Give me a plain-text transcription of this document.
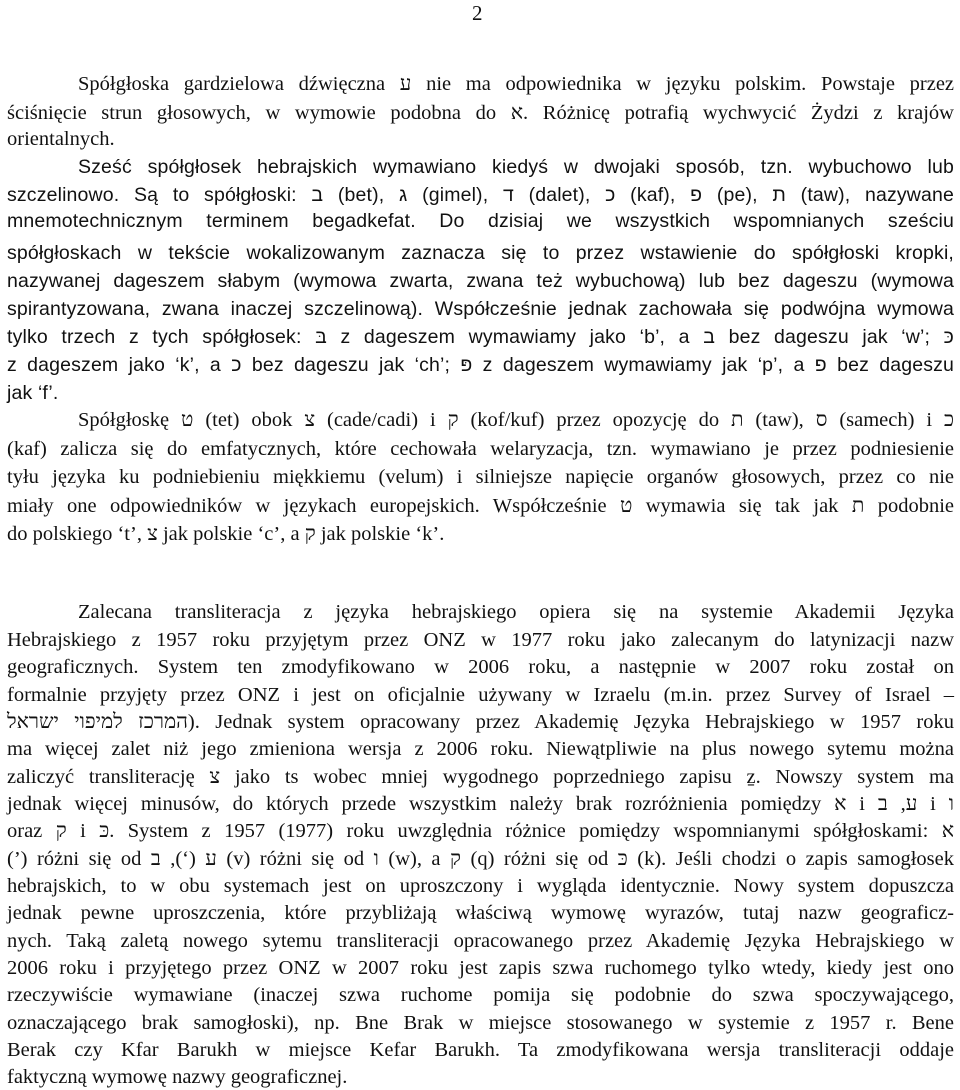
2
Spółgłoska gardzielowa dźwięczna ע nie ma odpowiednika w języku polskim. Powstaje przez
ściśnięcie strun głosowych, w wymowie podobna do א. Różnicę potrafią wychwycić Żydzi z krajów
orientalnych.
Sześć spółgłosek hebrajskich wymawiano kiedyś w dwojaki sposób, tzn. wybuchowo lub
szczelinowo. Są to spółgłoski: ב (bet), ג (gimel), ד (dalet), כ (kaf), פ (pe), ת (taw), nazywane
mnemotechnicznym terminem begadkefat. Do dzisiaj we wszystkich wspomnianych sześciu
spółgłoskach w tekście wokalizowanym zaznacza się to przez wstawienie do spółgłoski kropki,
nazywanej dageszem słabym (wymowa zwarta, zwana też wybuchową) lub bez dageszu (wymowa
spirantyzowana, zwana inaczej szczelinową). Współcześnie jednak zachowała się podwójna wymowa
tylko trzech z tych spółgłosek: בּ z dageszem wymawiamy jako ‘b’, a ב bez dageszu jak ‘w’; כּ
z dageszem jako ‘k’, a כ bez dageszu jak ‘ch’; פּ z dageszem wymawiamy jak ‘p’, a פ bez dageszu
jak ‘f’.
Spółgłoskę ט (tet) obok צ (cade/cadi) i ק (kof/kuf) przez opozycję do ת (taw), ס (samech) i כ
(kaf) zalicza się do emfatycznych, które cechowała welaryzacja, tzn. wymawiano je przez podniesienie
tyłu języka ku podniebieniu miękkiemu (velum) i silniejsze napięcie organów głosowych, przez co nie
miały one odpowiedników w językach europejskich. Współcześnie ט wymawia się tak jak ת podobnie
do polskiego ‘t’, צ jak polskie ‘c’, a ק jak polskie ‘k’.
Zalecana transliteracja z języka hebrajskiego opiera się na systemie Akademii Języka
Hebrajskiego z 1957 roku przyjętym przez ONZ w 1977 roku jako zalecanym do latynizacji nazw
geograficznych. System ten zmodyfikowano w 2006 roku, a następnie w 2007 roku został on
formalnie przyjęty przez ONZ i jest on oficjalnie używany w Izraelu (m.in. przez Survey of Israel –
המרכז למיפוי ישראל). Jednak system opracowany przez Akademię Języka Hebrajskiego w 1957 roku
ma więcej zalet niż jego zmieniona wersja z 2006 roku. Niewątpliwie na plus nowego sytemu można
zaliczyć transliterację צ jako ts wobec mniej wygodnego poprzedniego zapisu ẕ. Nowszy system ma
jednak więcej minusów, do których przede wszystkim należy brak rozróżnienia pomiędzy א i ע, ב i ו
oraz ק i כּ. System z 1957 (1977) roku uwzględnia różnice pomiędzy wspomnianymi spółgłoskami: א
(’) różni się od ע (‘), ב (v) różni się od ו (w), a ק (q) różni się od כּ (k). Jeśli chodzi o zapis samogłosek
hebrajskich, to w obu systemach jest on uproszczony i wygląda identycznie. Nowy system dopuszcza
jednak pewne uproszczenia, które przybliżają właściwą wymowę wyrazów, tutaj nazw geograficz-
nych. Taką zaletą nowego sytemu transliteracji opracowanego przez Akademię Języka Hebrajskiego w
2006 roku i przyjętego przez ONZ w 2007 roku jest zapis szwa ruchomego tylko wtedy, kiedy jest ono
rzeczywiście wymawiane (inaczej szwa ruchome pomija się podobnie do szwa spoczywającego,
oznaczającego brak samogłoski), np. Bne Brak w miejsce stosowanego w systemie z 1957 r. Bene
Berak czy Kfar Barukh w miejsce Kefar Barukh. Ta zmodyfikowana wersja transliteracji oddaje
faktyczną wymowę nazwy geograficznej.
